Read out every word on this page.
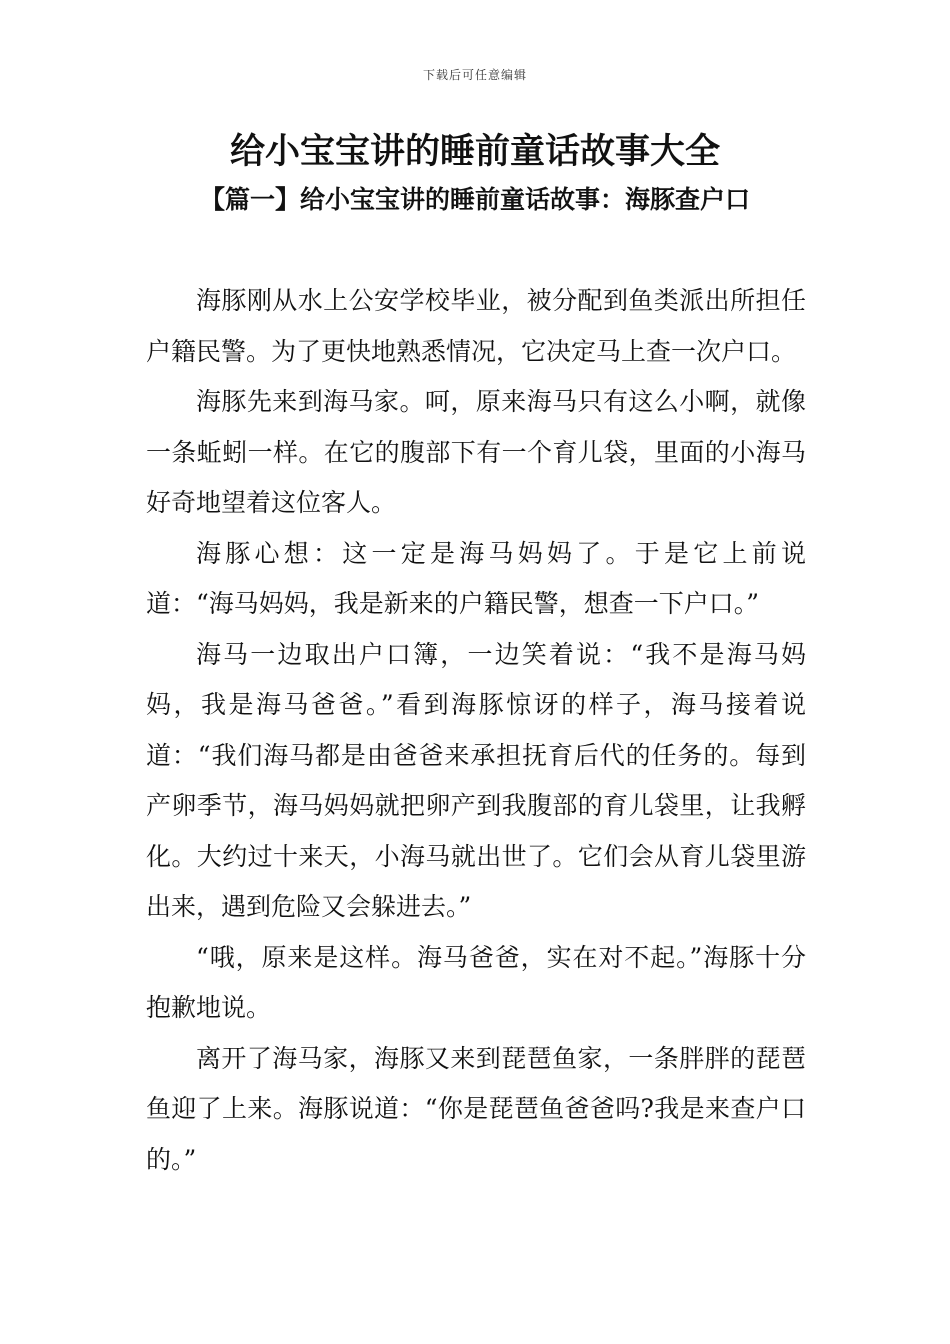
下载后可任意编辑
给小宝宝讲的睡前童话故事大全
【篇一】给小宝宝讲的睡前童话故事：海豚查户口

海豚刚从水上公安学校毕业，被分配到鱼类派出所担任户籍民警。为了更快地熟悉情况，它决定马上查一次户口。

海豚先来到海马家。呵，原来海马只有这么小啊，就像一条蚯蚓一样。在它的腹部下有一个育儿袋，里面的小海马好奇地望着这位客人。

海豚心想：这一定是海马妈妈了。于是它上前说道：“海马妈妈，我是新来的户籍民警，想查一下户口。”

海马一边取出户口簿，一边笑着说：“我不是海马妈妈，我是海马爸爸。”看到海豚惊讶的样子，海马接着说道：“我们海马都是由爸爸来承担抚育后代的任务的。每到产卵季节，海马妈妈就把卵产到我腹部的育儿袋里，让我孵化。大约过十来天，小海马就出世了。它们会从育儿袋里游出来，遇到危险又会躲进去。”

“哦，原来是这样。海马爸爸，实在对不起。”海豚十分抱歉地说。

离开了海马家，海豚又来到琵琶鱼家，一条胖胖的琵琶鱼迎了上来。海豚说道：“你是琵琶鱼爸爸吗?我是来查户口的。”
